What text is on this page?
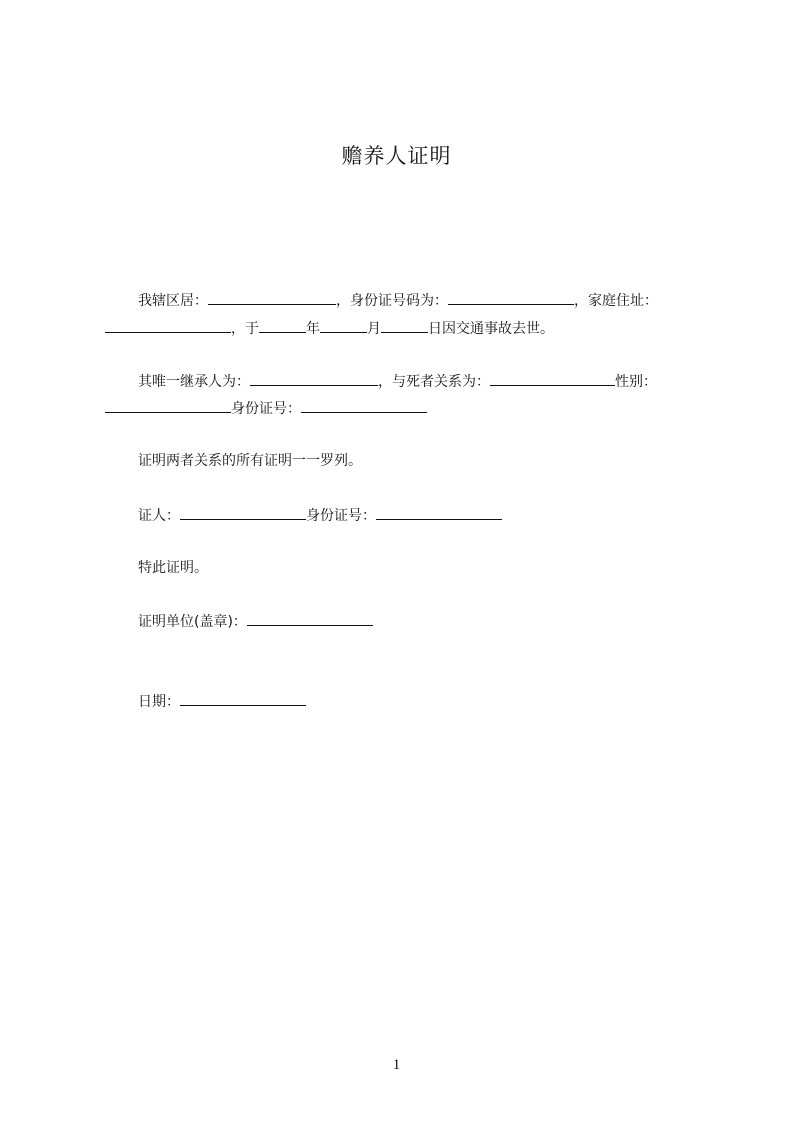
赡养人证明
我辖区居：	，身份证号码为：	，家庭住址：
，于	年	月	日因交通事故去世。
其唯一继承人为：	，与死者关系为：	性别：
身份证号：
证明两者关系的所有证明一一罗列。
证人：	身份证号：
特此证明。
证明单位(盖章)：
日期：
1
